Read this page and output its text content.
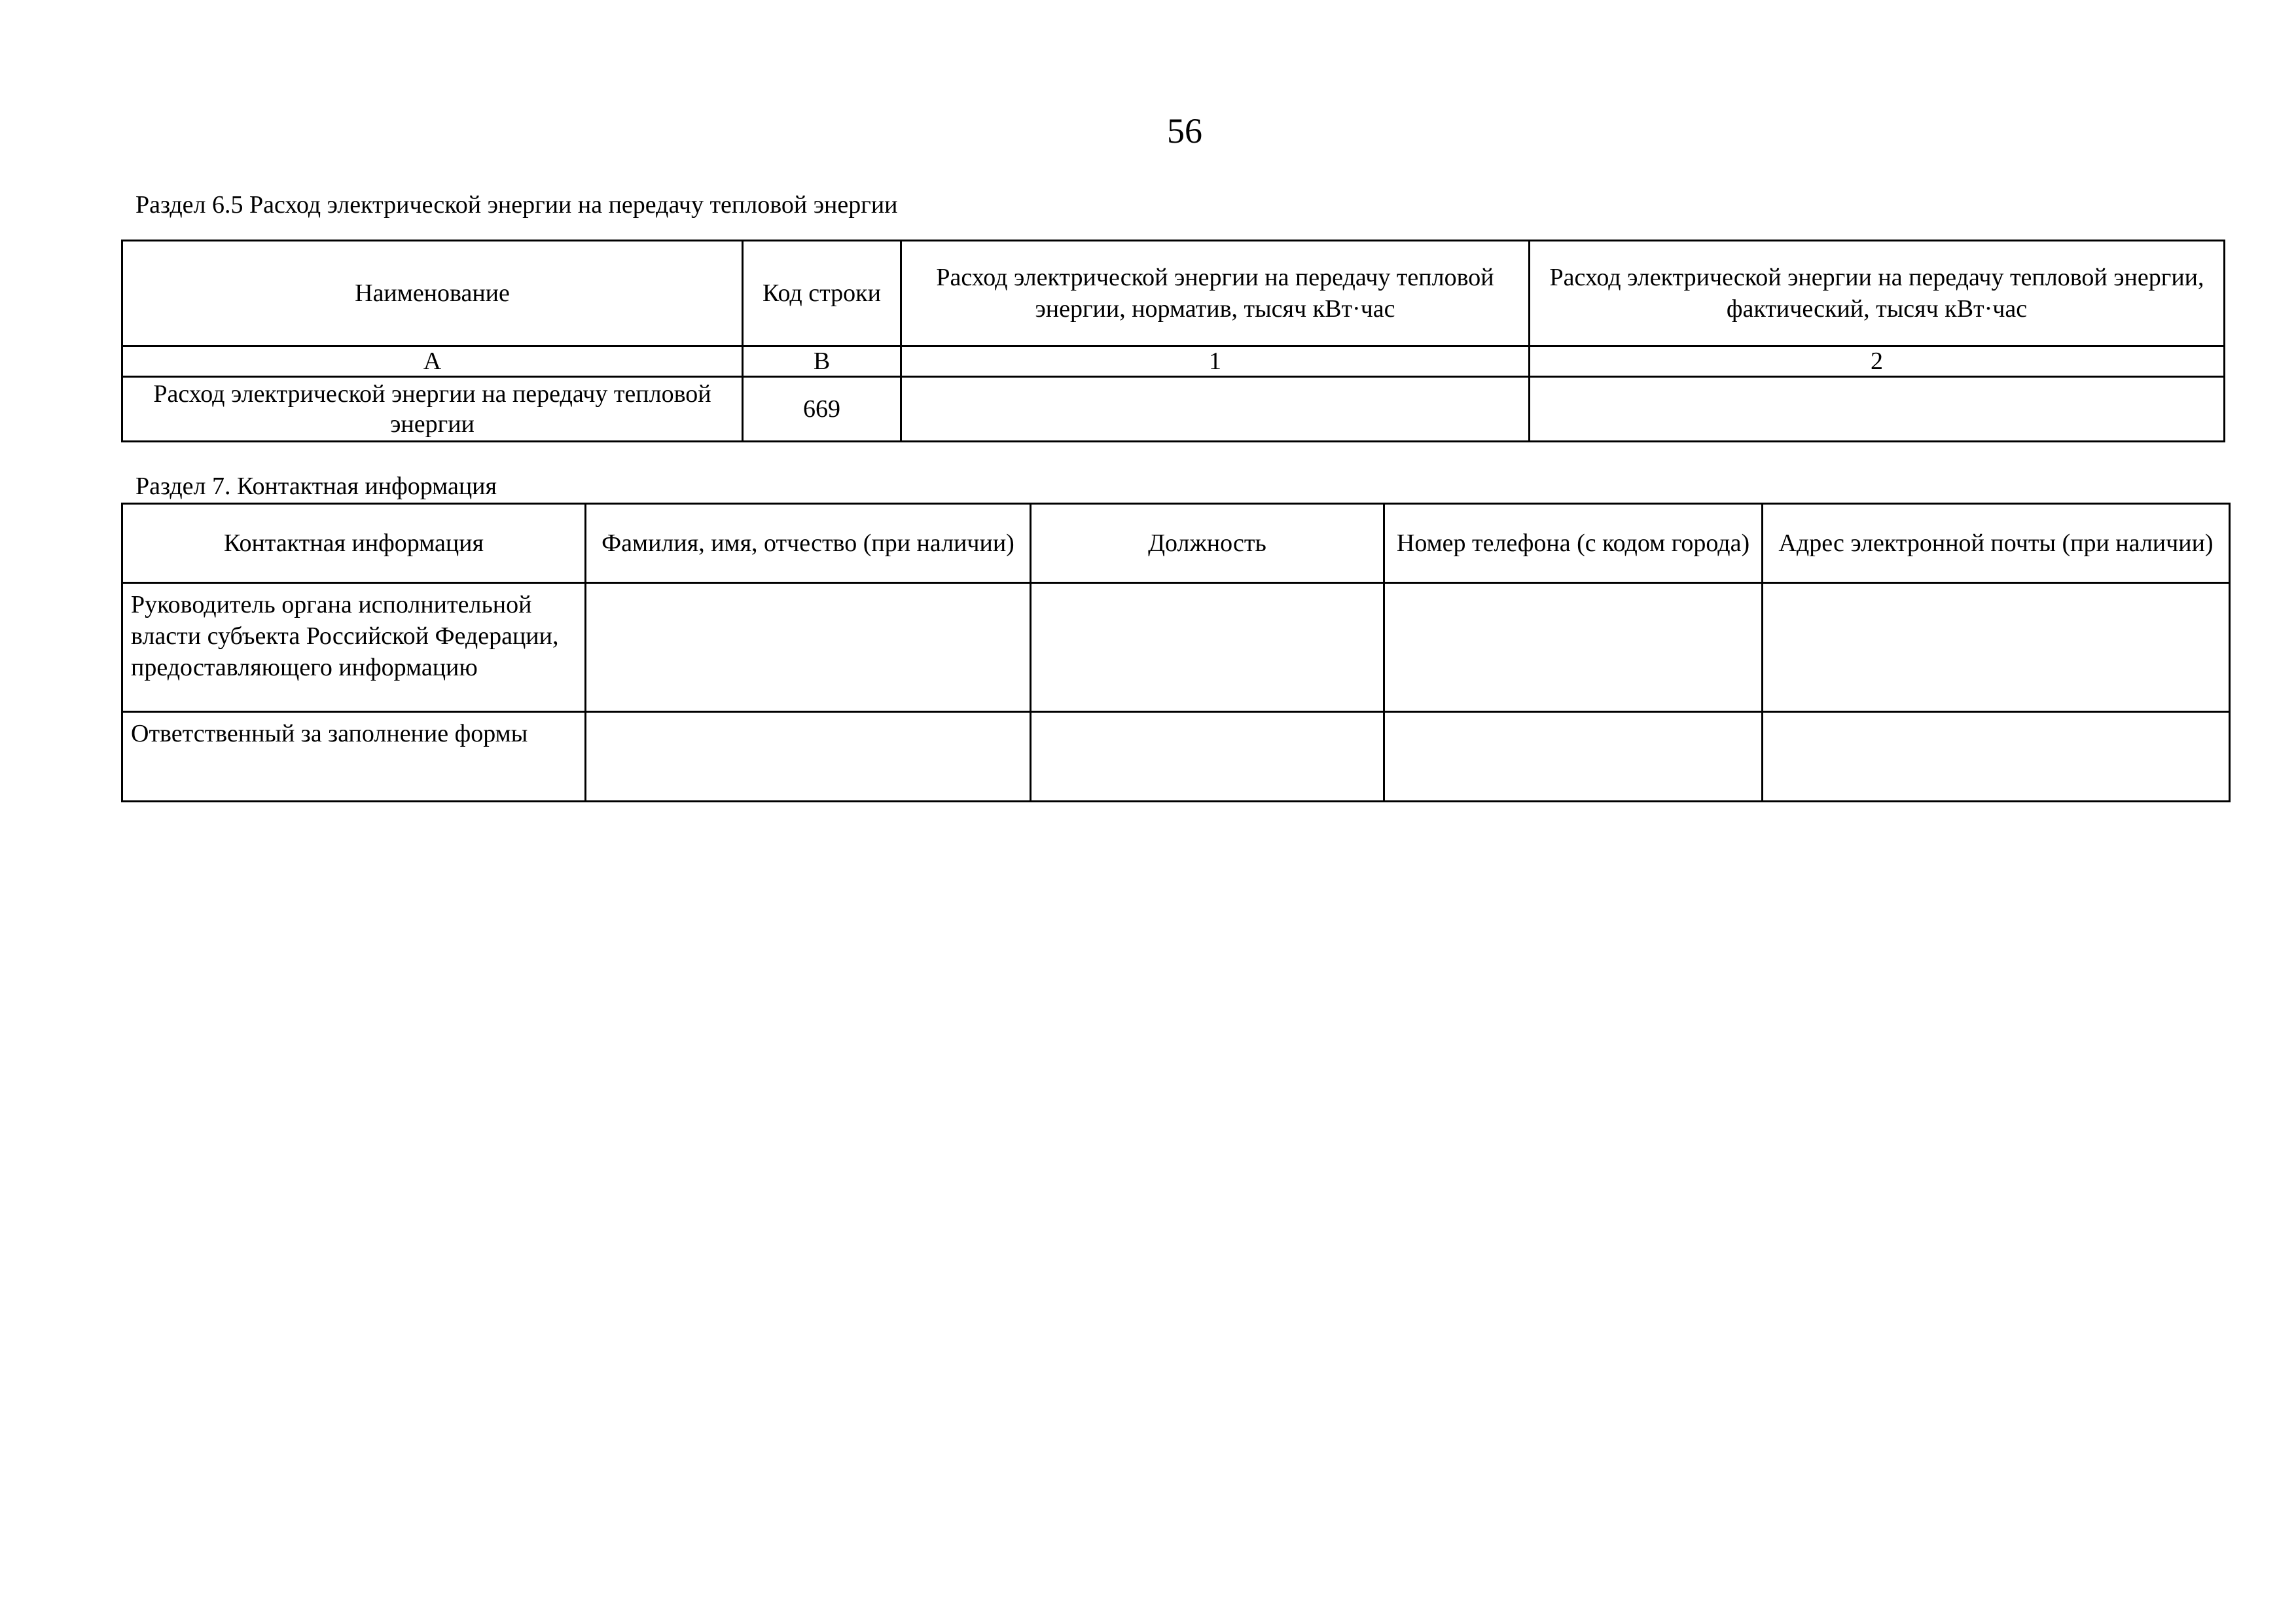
56
Раздел 6.5 Расход электрической энергии на передачу тепловой энергии
Наименование	Код строки	Расход электрической энергии на передачу тепловой энергии, норматив, тысяч кВт·час	Расход электрической энергии на передачу тепловой энергии, фактический, тысяч кВт·час
А	В	1	2
Расход электрической энергии на передачу тепловой энергии	669		
Раздел 7. Контактная информация
Контактная информация	Фамилия, имя, отчество (при наличии)	Должность	Номер телефона (с кодом города)	Адрес электронной почты (при наличии)
Руководитель органа исполнительной власти субъекта Российской Федерации, предоставляющего информацию				
Ответственный за заполнение формы				
